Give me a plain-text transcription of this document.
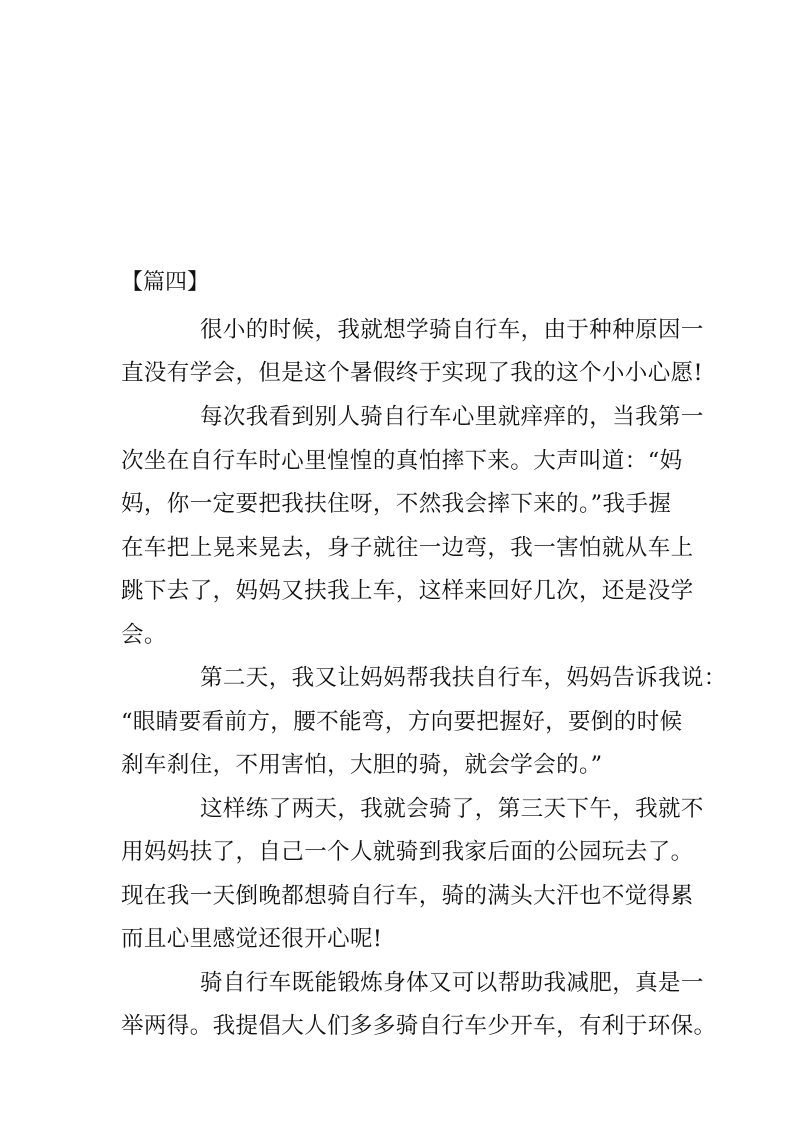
【篇四】
很小的时候，我就想学骑自行车，由于种种原因一
直没有学会，但是这个暑假终于实现了我的这个小小心愿!
每次我看到别人骑自行车心里就痒痒的，当我第一
次坐在自行车时心里惶惶的真怕摔下来。大声叫道：“妈
妈，你一定要把我扶住呀，不然我会摔下来的。”我手握
在车把上晃来晃去，身子就往一边弯，我一害怕就从车上
跳下去了，妈妈又扶我上车，这样来回好几次，还是没学
会。
第二天，我又让妈妈帮我扶自行车，妈妈告诉我说：
“眼睛要看前方，腰不能弯，方向要把握好，要倒的时候
刹车刹住，不用害怕，大胆的骑，就会学会的。”
这样练了两天，我就会骑了，第三天下午，我就不
用妈妈扶了，自己一个人就骑到我家后面的公园玩去了。
现在我一天倒晚都想骑自行车，骑的满头大汗也不觉得累
而且心里感觉还很开心呢!
骑自行车既能锻炼身体又可以帮助我减肥，真是一
举两得。我提倡大人们多多骑自行车少开车，有利于环保。
